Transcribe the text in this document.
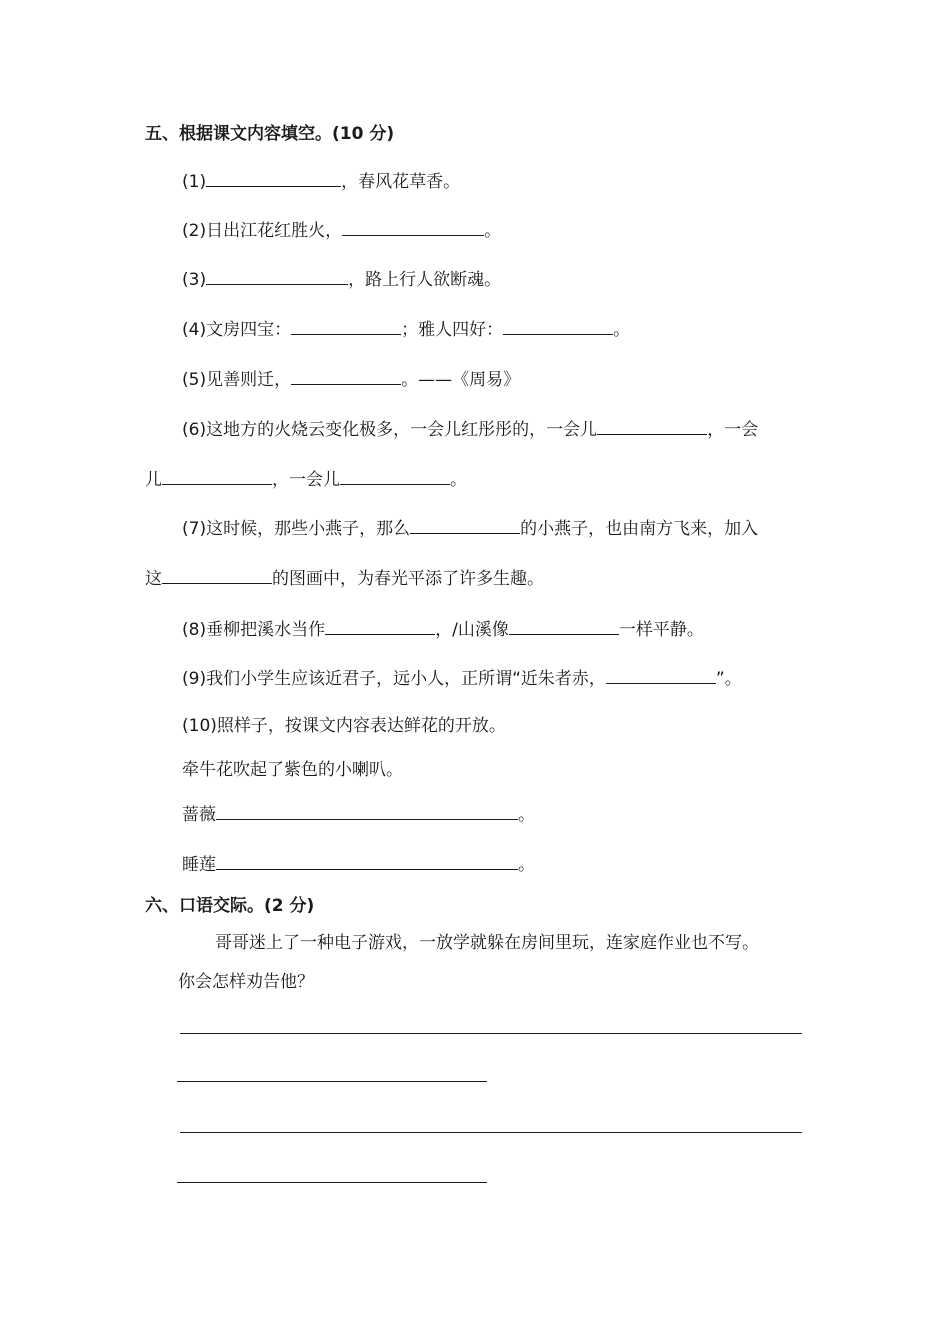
五、根据课文内容填空。(10 分)
(1)	，春风花草香。
(2)日出江花红胜火，	。
(3)	，路上行人欲断魂。
(4)文房四宝：	；雅人四好：	。
(5)见善则迁，	。——《周易》
(6)这地方的火烧云变化极多，一会儿红彤彤的，一会儿	，一会
儿	，一会儿	。
(7)这时候，那些小燕子，那么	的小燕子，也由南方飞来，加入
这	的图画中，为春光平添了许多生趣。
(8)垂柳把溪水当作	，/山溪像	一样平静。
(9)我们小学生应该近君子，远小人，正所谓“近朱者赤，	”。
(10)照样子，按课文内容表达鲜花的开放。
牵牛花吹起了紫色的小喇叭。
蔷薇	。
睡莲	。
六、口语交际。(2 分)
哥哥迷上了一种电子游戏，一放学就躲在房间里玩，连家庭作业也不写。
你会怎样劝告他？
